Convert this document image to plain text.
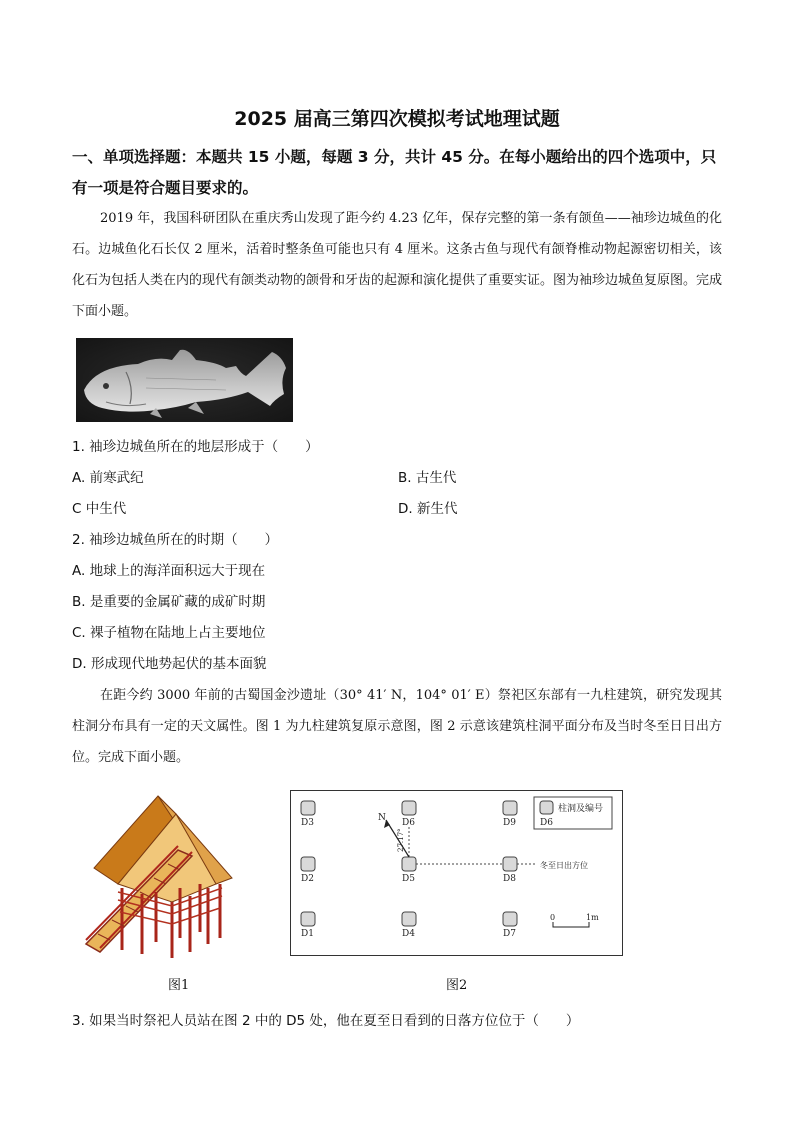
2025 届高三第四次模拟考试地理试题
一、单项选择题：本题共 15 小题，每题 3 分，共计 45 分。在每小题给出的四个选项中，只有一项是符合题目要求的。
2019 年，我国科研团队在重庆秀山发现了距今约 4.23 亿年，保存完整的第一条有颌鱼——袖珍边城鱼的化石。边城鱼化石长仅 2 厘米，活着时整条鱼可能也只有 4 厘米。这条古鱼与现代有颌脊椎动物起源密切相关，该化石为包括人类在内的现代有颌类动物的颌骨和牙齿的起源和演化提供了重要实证。图为袖珍边城鱼复原图。完成下面小题。
1. 袖珍边城鱼所在的地层形成于（　　）
A. 前寒武纪	B. 古生代
C 中生代	D. 新生代
2. 袖珍边城鱼所在的时期（　　）
A. 地球上的海洋面积远大于现在
B. 是重要的金属矿藏的成矿时期
C. 裸子植物在陆地上占主要地位
D. 形成现代地势起伏的基本面貌
在距今约 3000 年前的古蜀国金沙遗址（30° 41′ N，104° 01′ E）祭祀区东部有一九柱建筑，研究发现其柱洞分布具有一定的天文属性。图 1 为九柱建筑复原示意图，图 2 示意该建筑柱洞平面分布及当时冬至日日出方位。完成下面小题。
D3	D6	D9
D2	D5	D8
D1	D4	D7
柱洞及编号
D6
N
27.17°
冬至日出方位
0	1m
图1	图2
3. 如果当时祭祀人员站在图 2 中的 D5 处，他在夏至日看到的日落方位位于（　　）
